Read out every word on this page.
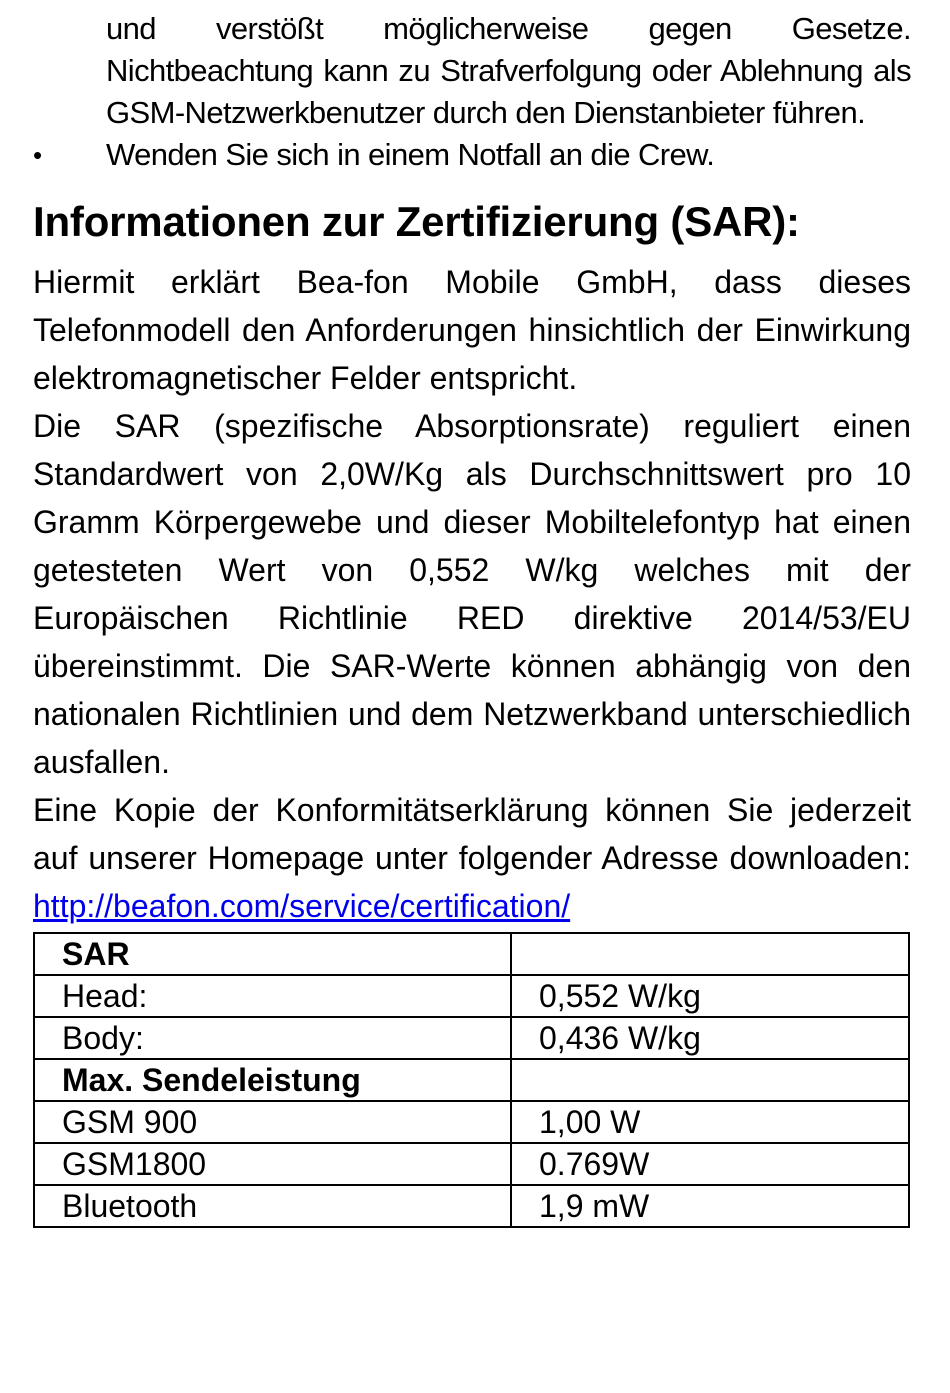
und verstößt möglicherweise gegen Gesetze. Nichtbeachtung kann zu Strafverfolgung oder Ablehnung als GSM-Netzwerkbenutzer durch den Dienstanbieter führen.
•	Wenden Sie sich in einem Notfall an die Crew.
Informationen zur Zertifizierung (SAR):

Hiermit erklärt Bea-fon Mobile GmbH, dass dieses Telefonmodell den Anforderungen hinsichtlich der Einwirkung elektromagnetischer Felder entspricht.

Die SAR (spezifische Absorptionsrate) reguliert einen Standardwert von 2,0W/Kg als Durchschnittswert pro 10 Gramm Körpergewebe und dieser Mobiltelefontyp hat einen getesteten Wert von 0,552 W/kg welches mit der Europäischen Richtlinie RED direktive 2014/53/EU übereinstimmt. Die SAR-Werte können abhängig von den nationalen Richtlinien und dem Netzwerkband unterschiedlich ausfallen.

Eine Kopie der Konformitätserklärung können Sie jederzeit auf unserer Homepage unter folgender Adresse downloaden: http://beafon.com/service/certification/

SAR	
Head:	0,552 W/kg
Body:	0,436 W/kg
Max. Sendeleistung	
GSM 900	1,00 W
GSM1800	0.769W
Bluetooth	1,9 mW
